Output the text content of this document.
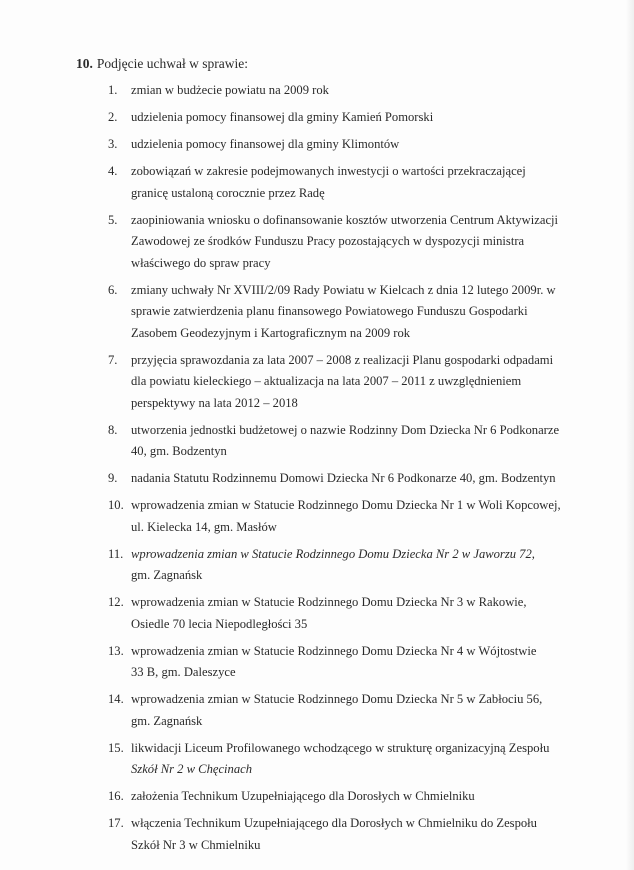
10. Podjęcie uchwał w sprawie:
1.	zmian w budżecie powiatu na 2009 rok
2.	udzielenia pomocy finansowej dla gminy Kamień Pomorski
3.	udzielenia pomocy finansowej dla gminy Klimontów
4.	zobowiązań w zakresie podejmowanych inwestycji o wartości przekraczającej
granicę ustaloną corocznie przez Radę
5.	zaopiniowania wniosku o dofinansowanie kosztów utworzenia Centrum Aktywizacji
Zawodowej ze środków Funduszu Pracy pozostających w dyspozycji ministra
właściwego do spraw pracy
6.	zmiany uchwały Nr XVIII/2/09 Rady Powiatu w Kielcach z dnia 12 lutego 2009r. w
sprawie zatwierdzenia planu finansowego Powiatowego Funduszu Gospodarki
Zasobem Geodezyjnym i Kartograficznym na 2009 rok
7.	przyjęcia sprawozdania za lata 2007 – 2008 z realizacji Planu gospodarki odpadami
dla powiatu kieleckiego – aktualizacja na lata 2007 – 2011 z uwzględnieniem
perspektywy na lata 2012 – 2018
8.	utworzenia jednostki budżetowej o nazwie Rodzinny Dom Dziecka Nr 6 Podkonarze
40, gm. Bodzentyn
9.	nadania Statutu Rodzinnemu Domowi Dziecka Nr 6 Podkonarze 40, gm. Bodzentyn
10. wprowadzenia zmian w Statucie Rodzinnego Domu Dziecka Nr 1 w Woli Kopcowej,
ul. Kielecka 14, gm. Masłów
11. wprowadzenia zmian w Statucie Rodzinnego Domu Dziecka Nr 2 w Jaworzu 72,
gm. Zagnańsk
12. wprowadzenia zmian w Statucie Rodzinnego Domu Dziecka Nr 3 w Rakowie,
Osiedle 70 lecia Niepodległości 35
13. wprowadzenia zmian w Statucie Rodzinnego Domu Dziecka Nr 4 w Wójtostwie
33 B, gm. Daleszyce
14. wprowadzenia zmian w Statucie Rodzinnego Domu Dziecka Nr 5 w Zabłociu 56,
gm. Zagnańsk
15. likwidacji Liceum Profilowanego wchodzącego w strukturę organizacyjną Zespołu
Szkół Nr 2 w Chęcinach
16. założenia Technikum Uzupełniającego dla Dorosłych w Chmielniku
17. włączenia Technikum Uzupełniającego dla Dorosłych w Chmielniku do Zespołu
Szkół Nr 3 w Chmielniku
